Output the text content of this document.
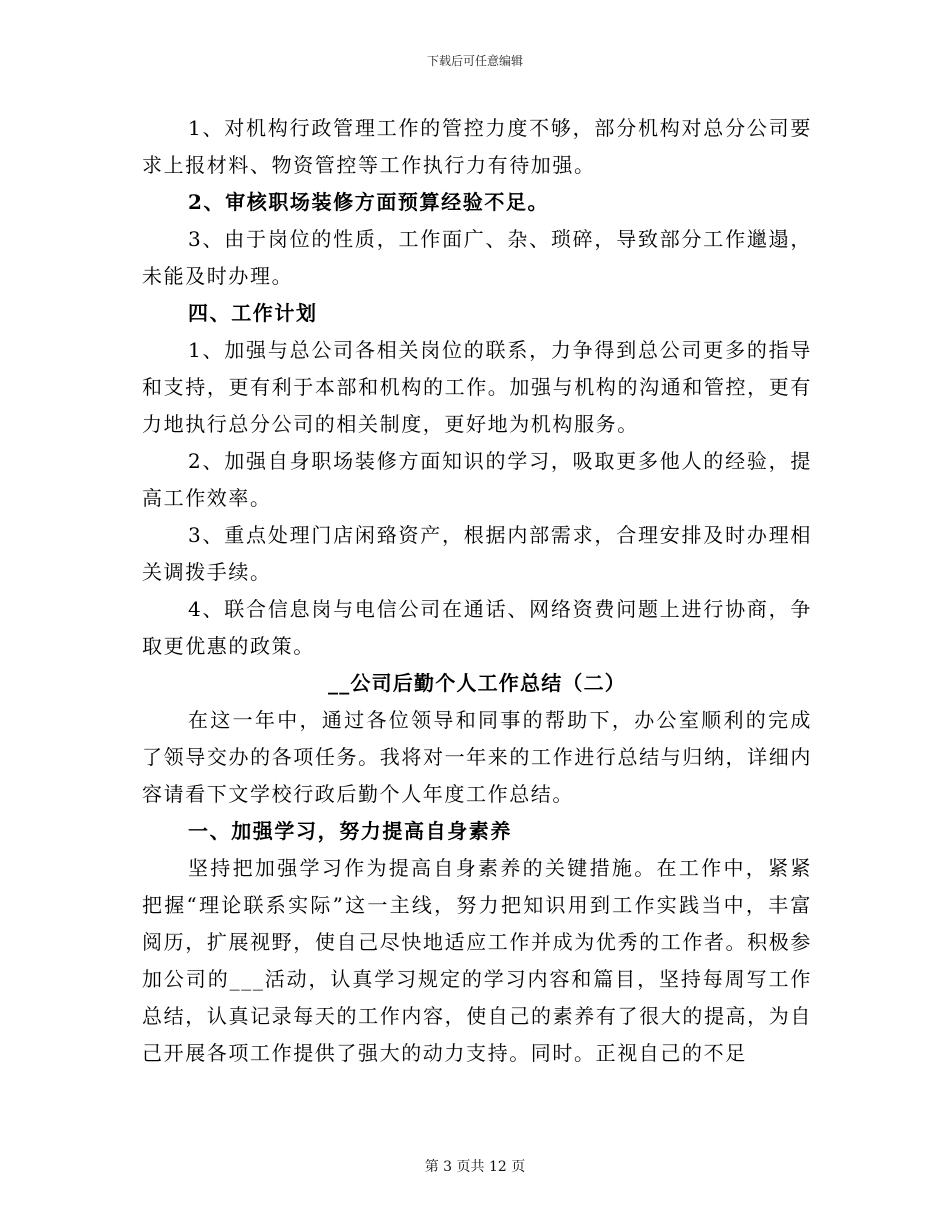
下载后可任意编辑

1、对机构行政管理工作的管控力度不够，部分机构对总分公司要求上报材料、物资管控等工作执行力有待加强。

2、审核职场装修方面预算经验不足。

3、由于岗位的性质，工作面广、杂、琐碎，导致部分工作邋遢，未能及时办理。

四、工作计划

1、加强与总公司各相关岗位的联系，力争得到总公司更多的指导和支持，更有利于本部和机构的工作。加强与机构的沟通和管控，更有力地执行总分公司的相关制度，更好地为机构服务。

2、加强自身职场装修方面知识的学习，吸取更多他人的经验，提高工作效率。

3、重点处理门店闲臵资产，根据内部需求，合理安排及时办理相关调拨手续。

4、联合信息岗与电信公司在通话、网络资费问题上进行协商，争取更优惠的政策。

__公司后勤个人工作总结（二）

在这一年中，通过各位领导和同事的帮助下，办公室顺利的完成了领导交办的各项任务。我将对一年来的工作进行总结与归纳，详细内容请看下文学校行政后勤个人年度工作总结。

一、加强学习，努力提高自身素养

坚持把加强学习作为提高自身素养的关键措施。在工作中，紧紧把握“理论联系实际”这一主线，努力把知识用到工作实践当中，丰富阅历，扩展视野，使自己尽快地适应工作并成为优秀的工作者。积极参加公司的___活动，认真学习规定的学习内容和篇目，坚持每周写工作总结，认真记录每天的工作内容，使自己的素养有了很大的提高，为自己开展各项工作提供了强大的动力支持。同时。正视自己的不足

第 3 页共 12 页
